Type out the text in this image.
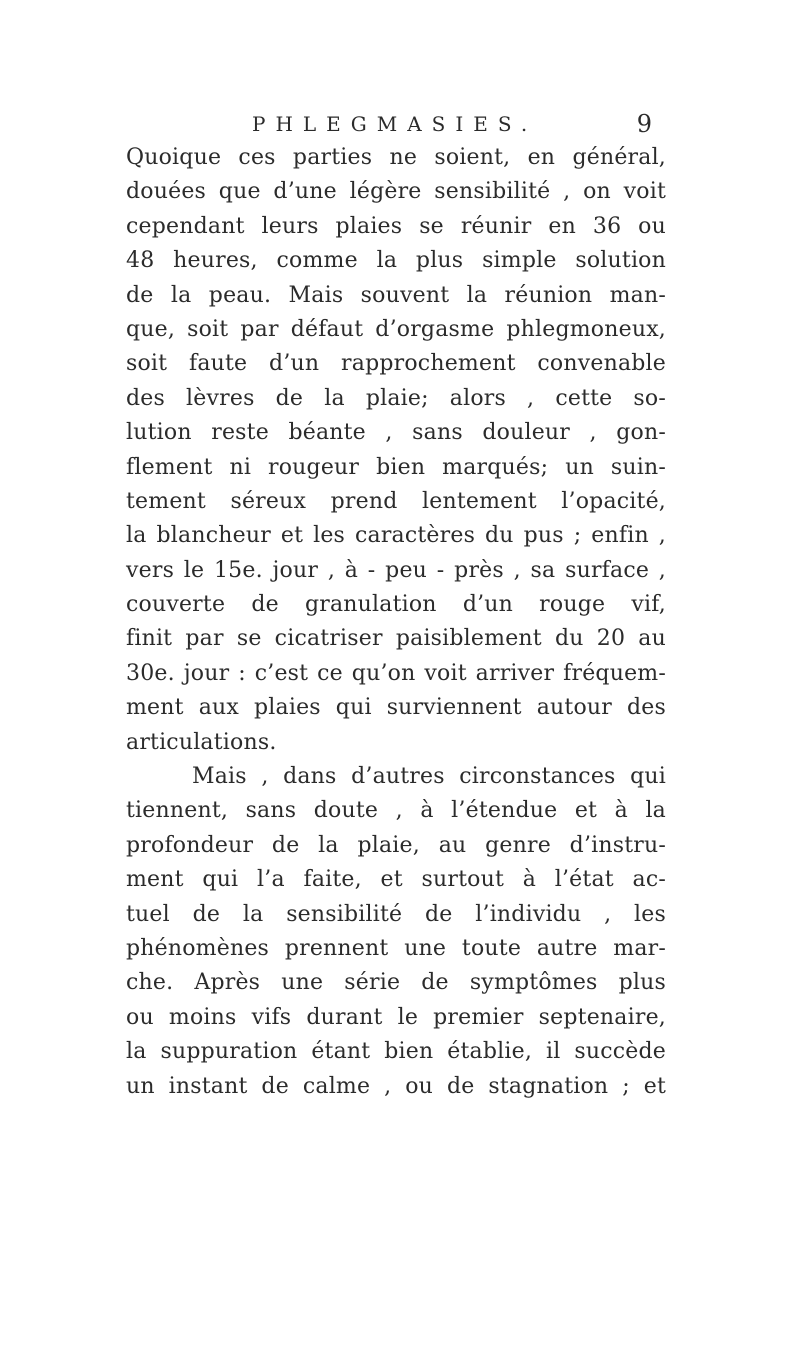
PHLEGMASIES.	9
Quoique ces parties ne soient, en général,
douées que d’une légère sensibilité , on voit
cependant leurs plaies se réunir en 36 ou
48 heures, comme la plus simple solution
de la peau. Mais souvent la réunion man-
que, soit par défaut d’orgasme phlegmoneux,
soit faute d’un rapprochement convenable
des lèvres de la plaie; alors , cette so-
lution reste béante , sans douleur , gon-
flement ni rougeur bien marqués; un suin-
tement séreux prend lentement l’opacité,
la blancheur et les caractères du pus ; enfin ,
vers le 15e. jour , à - peu - près , sa surface ,
couverte de granulation d’un rouge vif,
finit par se cicatriser paisiblement du 20 au
30e. jour : c’est ce qu’on voit arriver fréquem-
ment aux plaies qui surviennent autour des
articulations.
Mais , dans d’autres circonstances qui
tiennent, sans doute , à l’étendue et à la
profondeur de la plaie, au genre d’instru-
ment qui l’a faite, et surtout à l’état ac-
tuel de la sensibilité de l’individu , les
phénomènes prennent une toute autre mar-
che. Après une série de symptômes plus
ou moins vifs durant le premier septenaire,
la suppuration étant bien établie, il succède
un instant de calme , ou de stagnation ; et
